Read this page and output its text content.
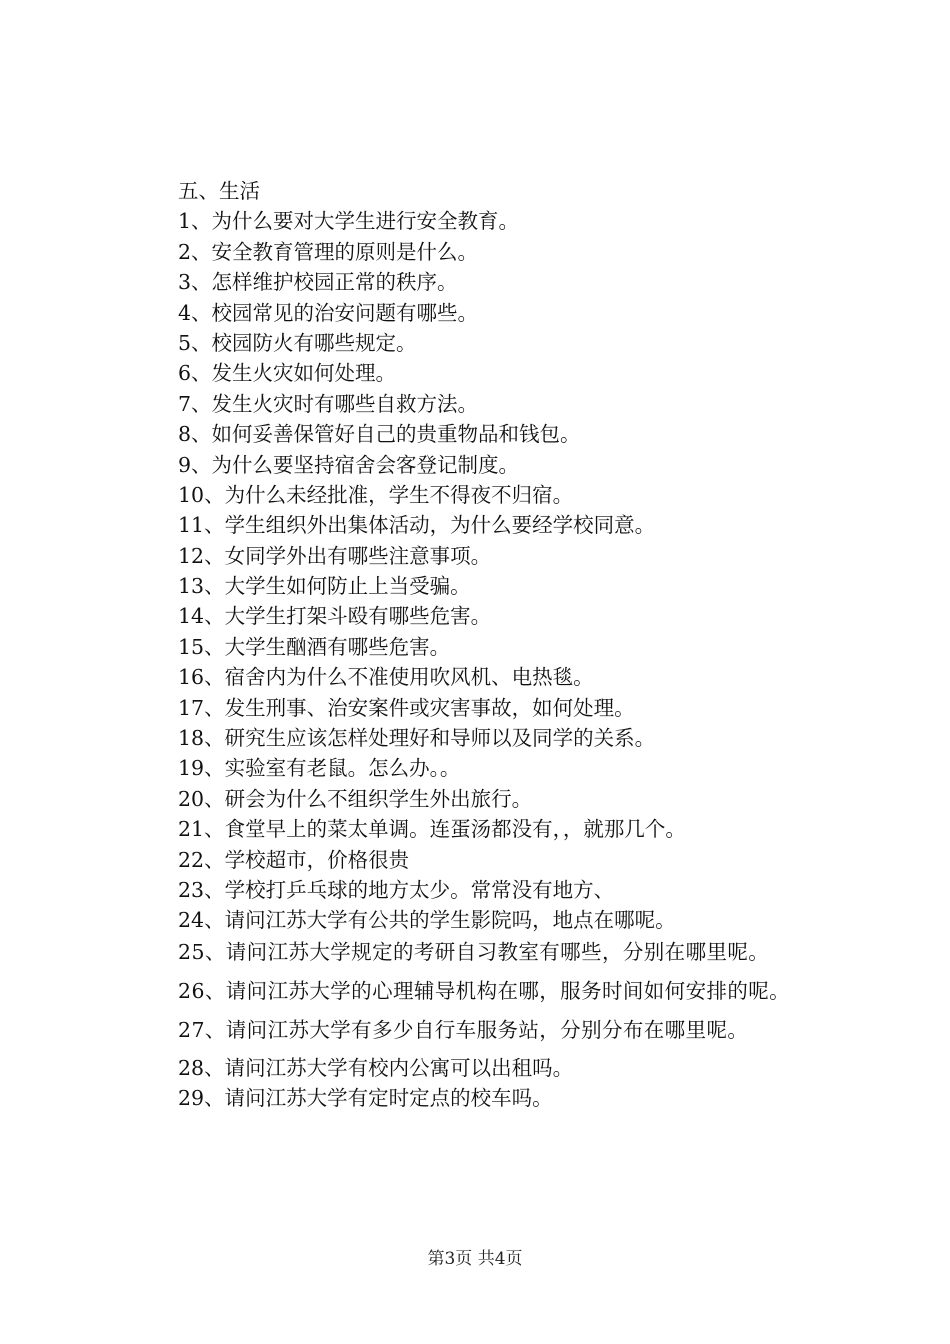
五、生活
1、为什么要对大学生进行安全教育。
2、安全教育管理的原则是什么。
3、怎样维护校园正常的秩序。
4、校园常见的治安问题有哪些。
5、校园防火有哪些规定。
6、发生火灾如何处理。
7、发生火灾时有哪些自救方法。
8、如何妥善保管好自己的贵重物品和钱包。
9、为什么要坚持宿舍会客登记制度。
10、为什么未经批准，学生不得夜不归宿。
11、学生组织外出集体活动，为什么要经学校同意。
12、女同学外出有哪些注意事项。
13、大学生如何防止上当受骗。
14、大学生打架斗殴有哪些危害。
15、大学生酗酒有哪些危害。
16、宿舍内为什么不准使用吹风机、电热毯。
17、发生刑事、治安案件或灾害事故，如何处理。
18、研究生应该怎样处理好和导师以及同学的关系。
19、实验室有老鼠。怎么办。。
20、研会为什么不组织学生外出旅行。
21、食堂早上的菜太单调。连蛋汤都没有，，就那几个。
22、学校超市，价格很贵
23、学校打乒乓球的地方太少。常常没有地方、
24、请问江苏大学有公共的学生影院吗，地点在哪呢。
25、请问江苏大学规定的考研自习教室有哪些，分别在哪里呢。
26、请问江苏大学的心理辅导机构在哪，服务时间如何安排的呢。
27、请问江苏大学有多少自行车服务站，分别分布在哪里呢。
28、请问江苏大学有校内公寓可以出租吗。
29、请问江苏大学有定时定点的校车吗。
第3页 共4页
